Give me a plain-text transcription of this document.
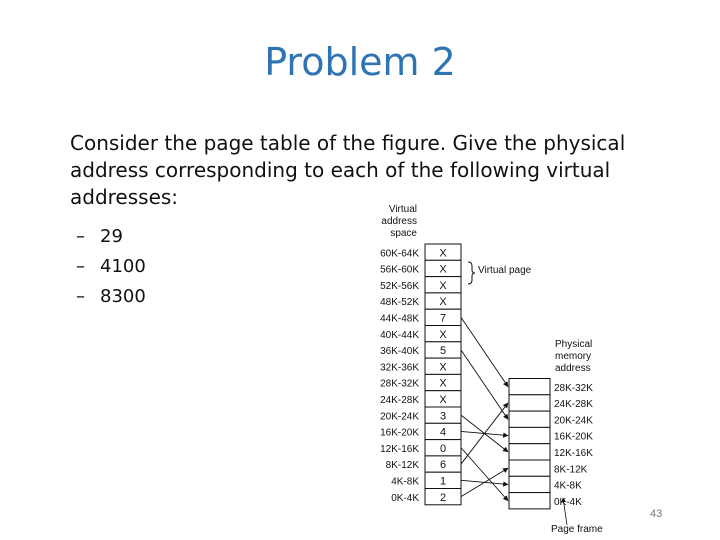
Problem 2
Consider the page table of the figure. Give the physical address corresponding to each of the following virtual addresses:
– 29
– 4100
– 8300
Virtual
address
space
Physical
memory
address
Virtual page
X
60K-64K
X
56K-60K
X
52K-56K
X
48K-52K
7
44K-48K
X
40K-44K
5
36K-40K
X
32K-36K
X
28K-32K
X
24K-28K
3
20K-24K
4
16K-20K
0
12K-16K
6
8K-12K
1
4K-8K
2
0K-4K
28K-32K
24K-28K
20K-24K
16K-20K
12K-16K
8K-12K
4K-8K
0K-4K
Page frame
43
